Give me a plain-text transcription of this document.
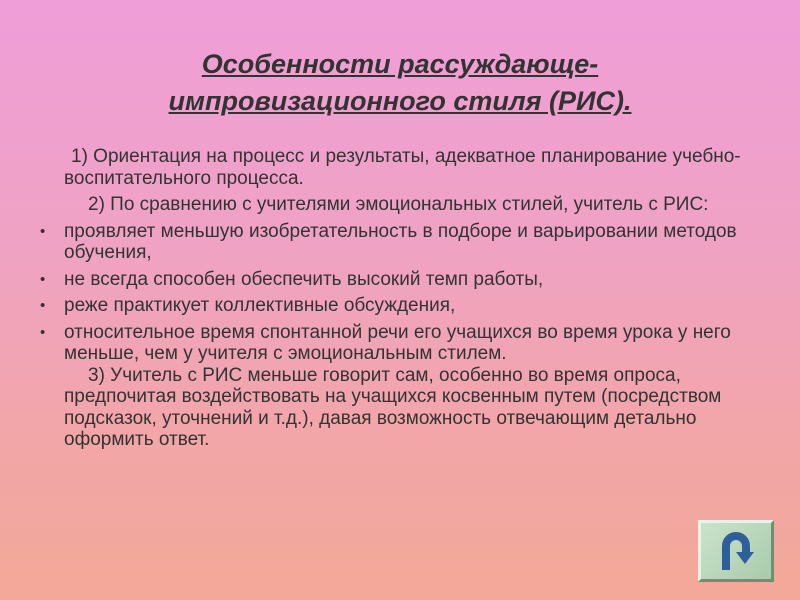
Особенности рассуждающе-импровизационного стиля (РИС).

1) Ориентация на процесс и результаты, адекватное планирование учебно-воспитательного процесса.

2) По сравнению с учителями эмоциональных стилей, учитель с РИС:

• проявляет меньшую изобретательность в подборе и варьировании методов обучения,
• не всегда способен обеспечить высокий темп работы,
• реже практикует коллективные обсуждения,
• относительное время спонтанной речи его учащихся во время урока у него меньше, чем у учителя с эмоциональным стилем.

3) Учитель с РИС меньше говорит сам, особенно во время опроса, предпочитая воздействовать на учащихся косвенным путем (посредством подсказок, уточнений и т.д.), давая возможность отвечающим детально оформить ответ.
